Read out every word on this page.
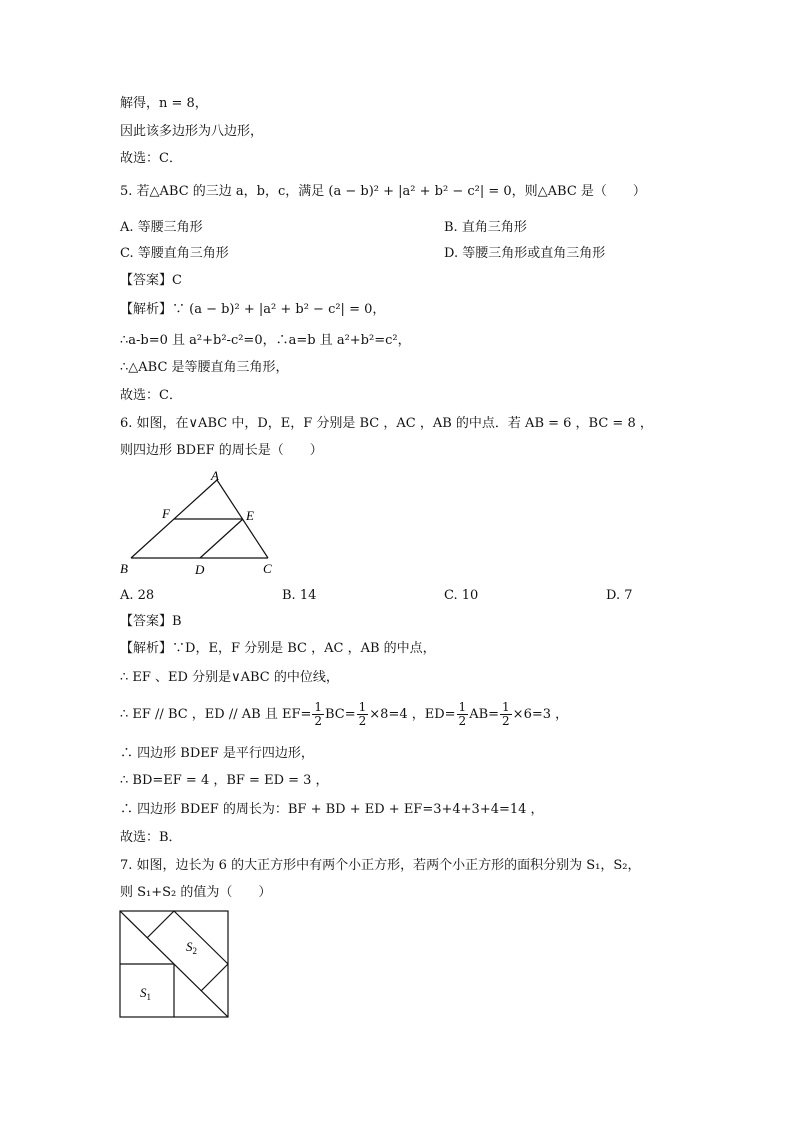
解得，n = 8，
因此该多边形为八边形，
故选：C．
5. 若△ABC 的三边 a，b，c，满足 (a − b)² + |a² + b² − c²| = 0，则△ABC 是（　　）
A. 等腰三角形	B. 直角三角形
C. 等腰直角三角形	D. 等腰三角形或直角三角形
【答案】C
【解析】∵ (a − b)² + |a² + b² − c²| = 0，
∴a-b=0 且 a²+b²-c²=0，∴a=b 且 a²+b²=c²，
∴△ABC 是等腰直角三角形，
故选：C．
6. 如图，在∨ABC 中，D，E，F 分别是 BC ，AC ，AB 的中点．若 AB = 6 ，BC = 8 ，
则四边形 BDEF 的周长是（　　）
A
F	E
B	D	C
A. 28	B. 14	C. 10	D. 7
【答案】B
【解析】∵D，E，F 分别是 BC ，AC ，AB 的中点，
∴ EF 、ED 分别是∨ABC 的中位线，
∴ EF // BC ，ED // AB 且 $EF= \frac{1}{2} BC= \frac{1}{2} \times 8=4$ ，$ED= \frac{1}{2} AB= \frac{1}{2} \times 6=3$ ，
∴ 四边形 BDEF 是平行四边形，
∴ BD=EF = 4 ，BF = ED = 3 ，
∴ 四边形 BDEF 的周长为：BF + BD + ED + EF=3+4+3+4=14 ，
故选：B．
7. 如图，边长为 6 的大正方形中有两个小正方形，若两个小正方形的面积分别为 S₁，S₂，
则 S₁+S₂ 的值为（　　）
$S_2$
$S_1$
